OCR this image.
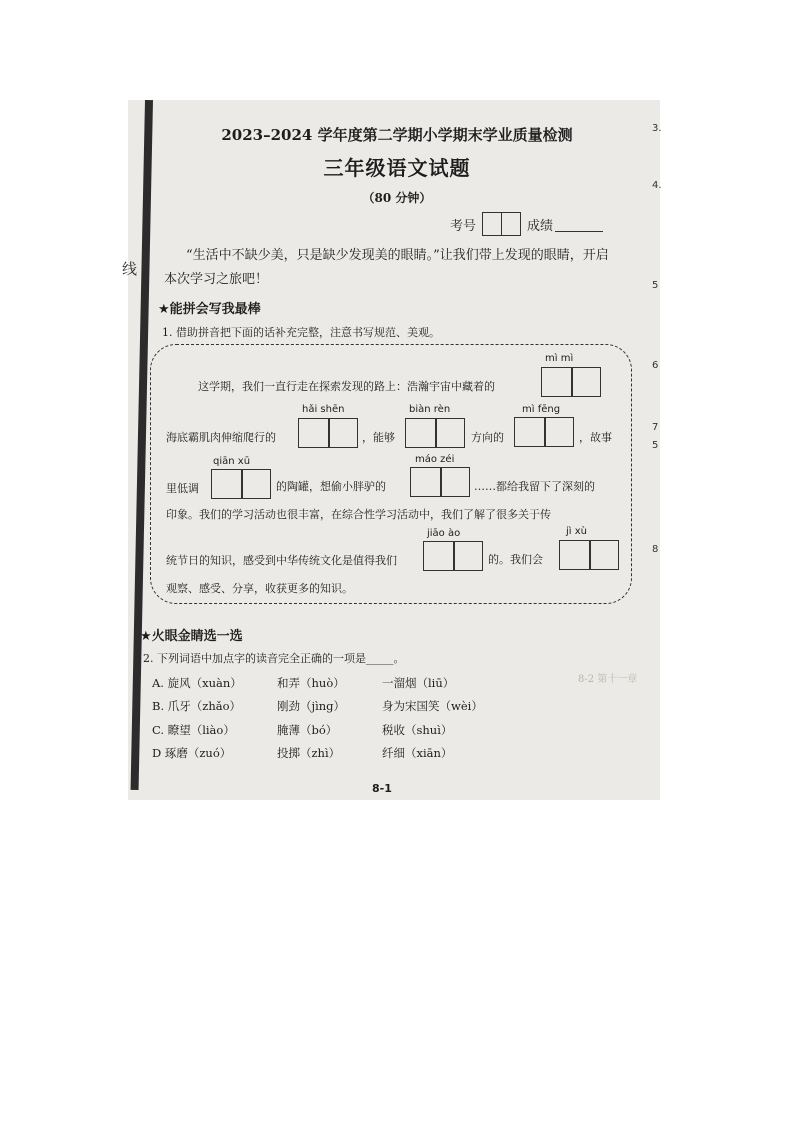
8-2 第十一章
线
3.
4.
5
6
7
5
8
2023–2024 学年度第二学期小学期末学业质量检测
三年级语文试题
（80 分钟）
考号	成绩
“生活中不缺少美，只是缺少发现美的眼睛。”让我们带上发现的眼睛，开启本次学习之旅吧！
★能拼会写我最棒
1. 借助拼音把下面的话补充完整，注意书写规范、美观。
mì mì
hǎi shēn	biàn rèn	mì fēng
qiān xū	máo zéi
jiāo ào	jì xù
这学期，我们一直行走在探索发现的路上：浩瀚宇宙中藏着的
海底霸肌肉伸缩爬行的	，能够	方向的	，故事
里低调	的陶罐，想偷小胖驴的	……都给我留下了深刻的
印象。我们的学习活动也很丰富，在综合性学习活动中，我们了解了很多关于传
统节日的知识，感受到中华传统文化是值得我们	的。我们会
观察、感受、分享，收获更多的知识。
★火眼金睛选一选
2. 下列词语中加点字的读音完全正确的一项是_____。
A. 旋风（xuàn）	和弄（huò）	一溜烟（liū）
B. 爪牙（zhǎo）	刚劲（jìng）	身为宋国笑（wèi）
C. 瞭望（liào）	腌薄（bó）	税收（shuì）
D 琢磨（zuó）	投掷（zhì）	纤细（xiān）
8-1
